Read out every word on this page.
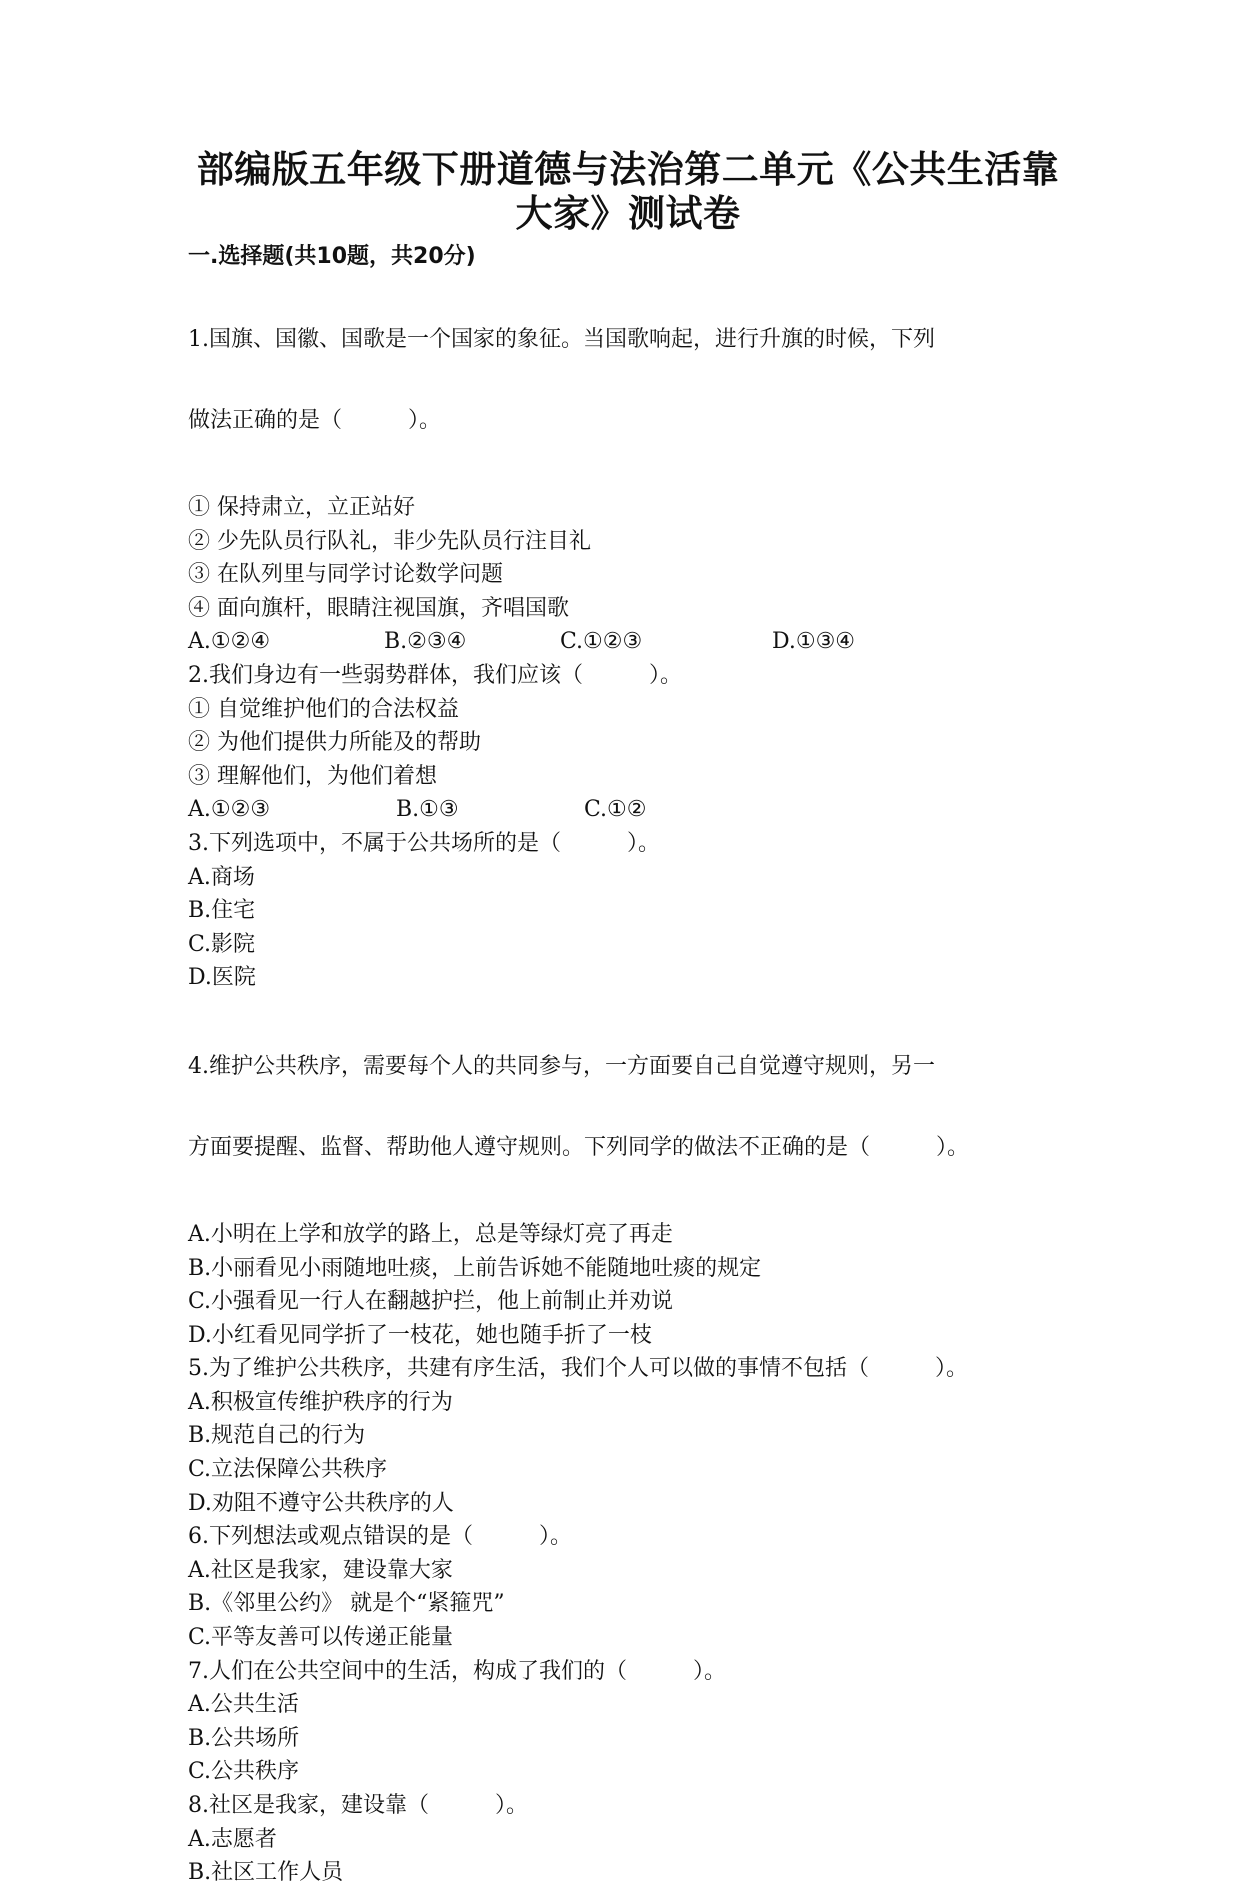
部编版五年级下册道德与法治第二单元《公共生活靠
大家》测试卷
一.选择题(共10题，共20分)

1.国旗、国徽、国歌是一个国家的象征。当国歌响起，进行升旗的时候，下列

做法正确的是（　　　）。

① 保持肃立，立正站好
② 少先队员行队礼，非少先队员行注目礼
③ 在队列里与同学讨论数学问题
④ 面向旗杆，眼睛注视国旗，齐唱国歌
A.①②④	B.②③④	C.①②③	D.①③④
2.我们身边有一些弱势群体，我们应该（　　　）。
① 自觉维护他们的合法权益
② 为他们提供力所能及的帮助
③ 理解他们，为他们着想
A.①②③	B.①③	C.①②
3.下列选项中，不属于公共场所的是（　　　）。
A.商场
B.住宅
C.影院
D.医院

4.维护公共秩序，需要每个人的共同参与，一方面要自己自觉遵守规则，另一

方面要提醒、监督、帮助他人遵守规则。下列同学的做法不正确的是（　　　）。

A.小明在上学和放学的路上，总是等绿灯亮了再走
B.小丽看见小雨随地吐痰，上前告诉她不能随地吐痰的规定
C.小强看见一行人在翻越护拦，他上前制止并劝说
D.小红看见同学折了一枝花，她也随手折了一枝
5.为了维护公共秩序，共建有序生活，我们个人可以做的事情不包括（　　　）。
A.积极宣传维护秩序的行为
B.规范自己的行为
C.立法保障公共秩序
D.劝阻不遵守公共秩序的人
6.下列想法或观点错误的是（　　　）。
A.社区是我家，建设靠大家
B.《邻里公约》 就是个“紧箍咒”
C.平等友善可以传递正能量
7.人们在公共空间中的生活，构成了我们的（　　　）。
A.公共生活
B.公共场所
C.公共秩序
8.社区是我家，建设靠（　　　）。
A.志愿者
B.社区工作人员
